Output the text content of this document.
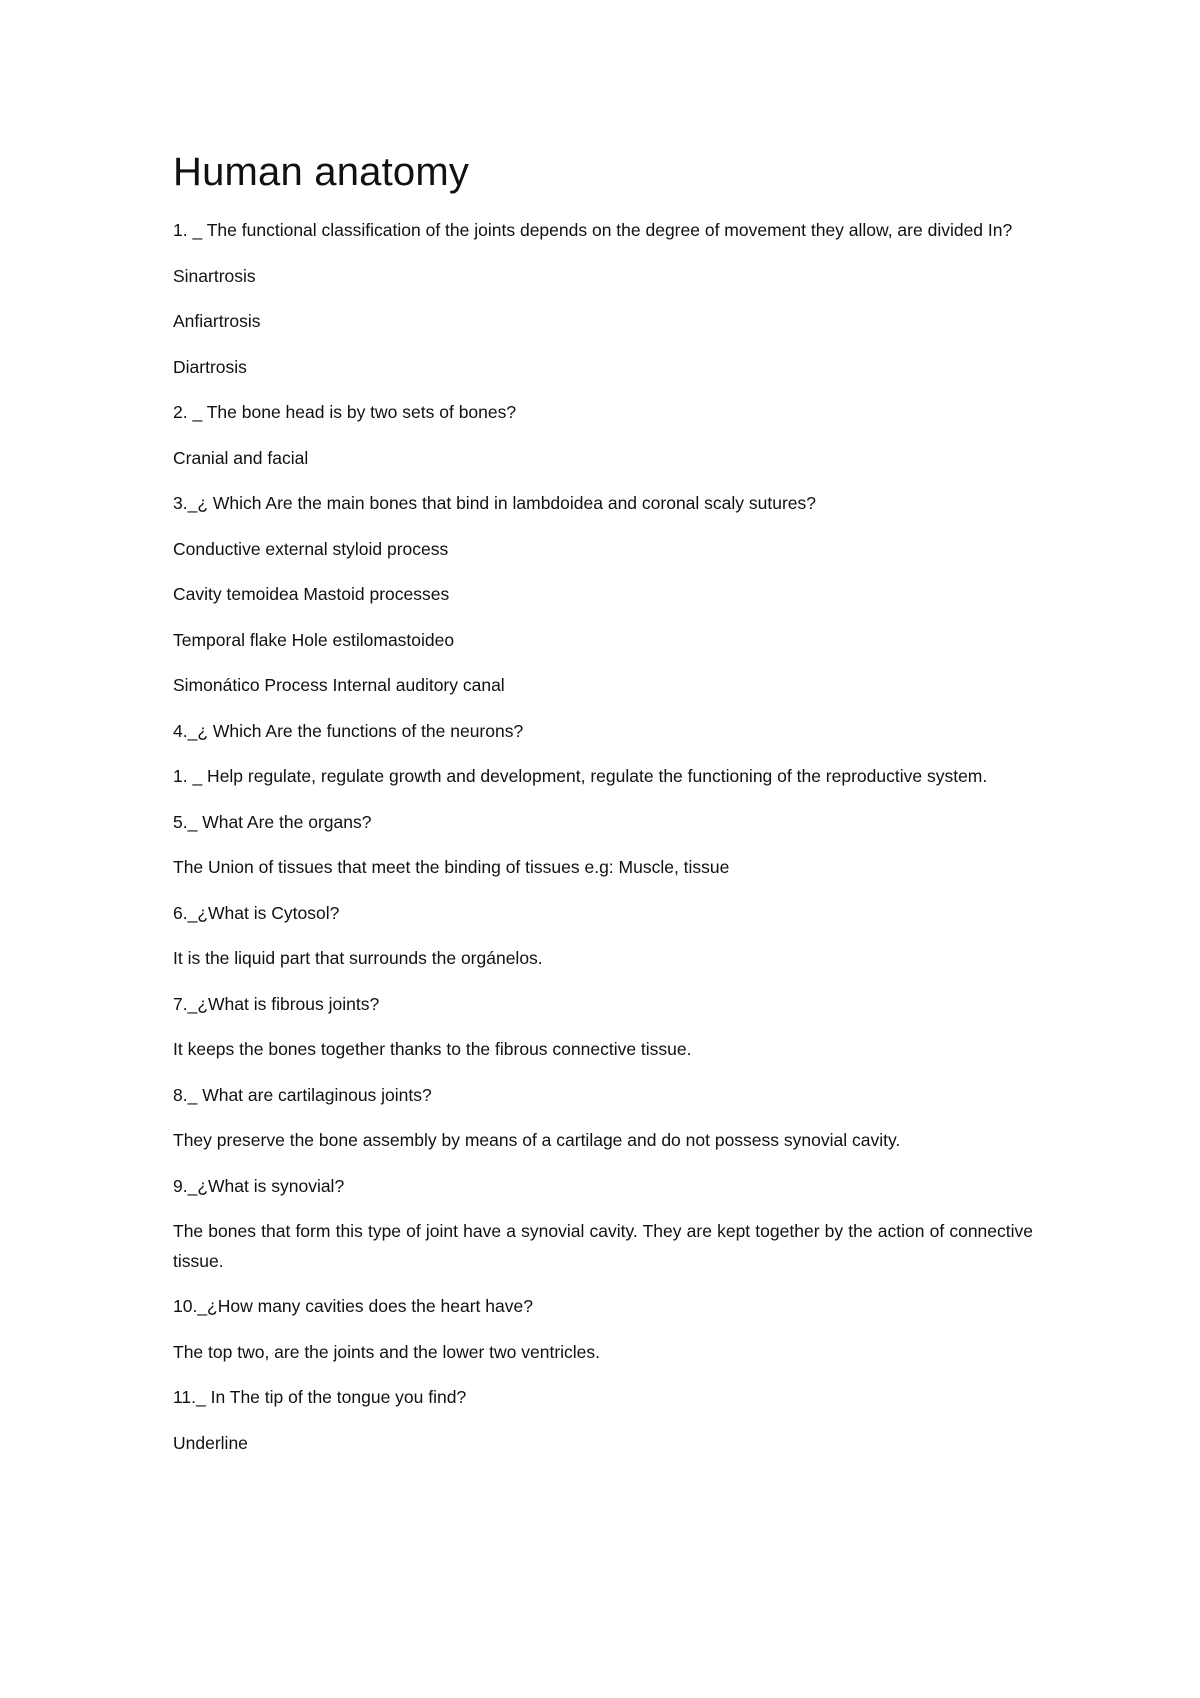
Human anatomy

1. _ The functional classification of the joints depends on the degree of movement they allow, are divided In?

Sinartrosis

Anfiartrosis

Diartrosis

2. _ The bone head is by two sets of bones?

Cranial and facial

3._¿ Which Are the main bones that bind in lambdoidea and coronal scaly sutures?

Conductive external styloid process

Cavity temoidea Mastoid processes

Temporal flake Hole estilomastoideo

Simonático Process Internal auditory canal

4._¿ Which Are the functions of the neurons?

1. _ Help regulate, regulate growth and development, regulate the functioning of the reproductive system.

5._ What Are the organs?

The Union of tissues that meet the binding of tissues e.g: Muscle, tissue

6._¿What is Cytosol?

It is the liquid part that surrounds the orgánelos.

7._¿What is fibrous joints?

It keeps the bones together thanks to the fibrous connective tissue.

8._ What are cartilaginous joints?

They preserve the bone assembly by means of a cartilage and do not possess synovial cavity.

9._¿What is synovial?

The bones that form this type of joint have a synovial cavity. They are kept together by the action of connective tissue.

10._¿How many cavities does the heart have?

The top two, are the joints and the lower two ventricles.

11._ In The tip of the tongue you find?

Underline
